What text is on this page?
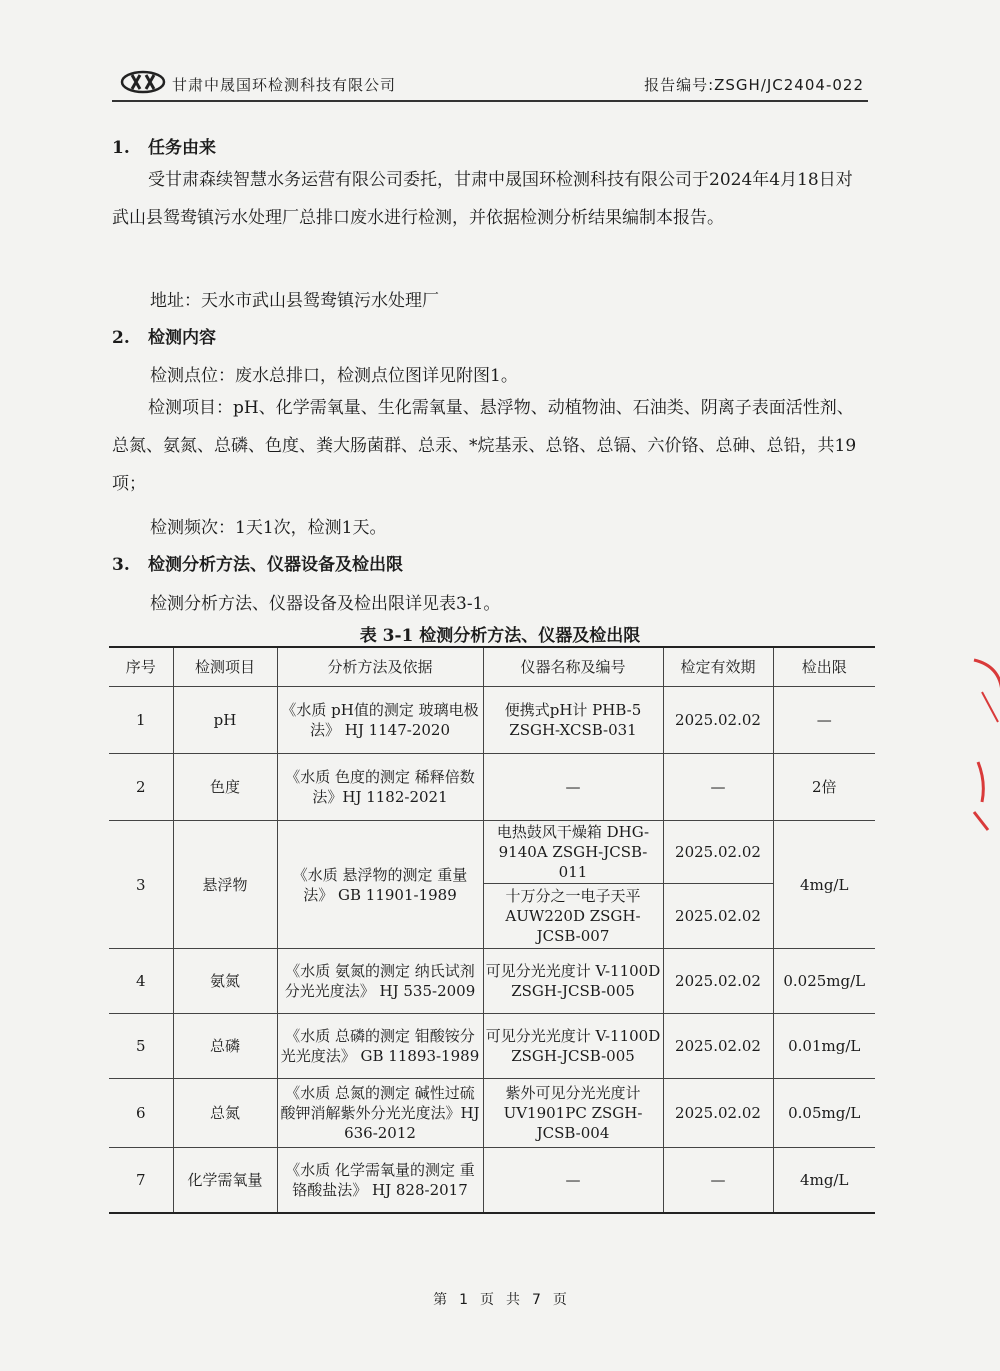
甘肃中晟国环检测科技有限公司	报告编号:ZSGH/JC2404-022
1. 任务由来
受甘肃森续智慧水务运营有限公司委托，甘肃中晟国环检测科技有限公司于2024年4月18日对武山县鸳鸯镇污水处理厂总排口废水进行检测，并依据检测分析结果编制本报告。
地址：天水市武山县鸳鸯镇污水处理厂
2. 检测内容
检测点位：废水总排口，检测点位图详见附图1。
检测项目：pH、化学需氧量、生化需氧量、悬浮物、动植物油、石油类、阴离子表面活性剂、总氮、氨氮、总磷、色度、粪大肠菌群、总汞、*烷基汞、总铬、总镉、六价铬、总砷、总铅，共19项；
检测频次：1天1次，检测1天。
3. 检测分析方法、仪器设备及检出限
检测分析方法、仪器设备及检出限详见表3-1。
表 3-1 检测分析方法、仪器及检出限
序号	检测项目	分析方法及依据	仪器名称及编号	检定有效期	检出限
1	pH	《水质 pH值的测定 玻璃电极法》 HJ 1147-2020	便携式pH计 PHB-5 ZSGH-XCSB-031	2025.02.02	—
2	色度	《水质 色度的测定 稀释倍数法》HJ 1182-2021	—	—	2倍
3	悬浮物	《水质 悬浮物的测定 重量法》 GB 11901-1989	电热鼓风干燥箱 DHG-9140A ZSGH-JCSB-011	2025.02.02	4mg/L
			十万分之一电子天平 AUW220D ZSGH-JCSB-007	2025.02.02	
4	氨氮	《水质 氨氮的测定 纳氏试剂分光光度法》 HJ 535-2009	可见分光光度计 V-1100D ZSGH-JCSB-005	2025.02.02	0.025mg/L
5	总磷	《水质 总磷的测定 钼酸铵分光光度法》 GB 11893-1989	可见分光光度计 V-1100D ZSGH-JCSB-005	2025.02.02	0.01mg/L
6	总氮	《水质 总氮的测定 碱性过硫酸钾消解紫外分光光度法》HJ 636-2012	紫外可见分光光度计 UV1901PC ZSGH-JCSB-004	2025.02.02	0.05mg/L
7	化学需氧量	《水质 化学需氧量的测定 重铬酸盐法》 HJ 828-2017	—	—	4mg/L
第 1 页 共 7 页
